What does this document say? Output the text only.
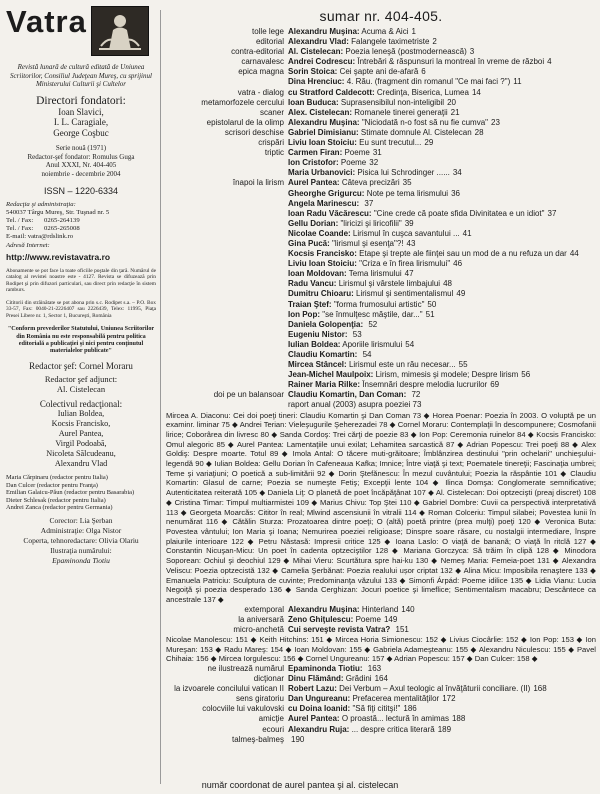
Vatra
Revistă lunară de cultură editată de Uniunea Scriitorilor, Consiliul Judeţean Mureş, cu sprijinul Ministerului Culturii şi Cultelor
Directori fondatori:
Ioan Slavici,
I. L. Caragiale,
George Coşbuc
Serie nouă (1971)
Redactor-şef fondator: Romulus Guga
Anul XXXI, Nr. 404-405
noiembrie - decembrie 2004
ISSN – 1220-6334
Redacţia şi administraţia:
540037 Târgu Mureş, Str. Tuşnad nr. 5
Tel. / Fax:	0265-264139
Tel. / Fax:	0265-265008
E-mail: vatra@rdslink.ro
Adresă Internet:
http://www.revistavatra.ro
Abonamente se pot face la toate oficiile poştale din ţară. Numărul de catalog al revistei noastre este - 4127. Revista se difuzează prin Rodipet şi prin difuzori particulari, sau direct prin redacţie în sistem ramburs.
Cititorii din străinătate se pot abona prin s.c. Rodipet s.a. – P.O. Box 33-57, Fax: 0040-21-2226407 sau 2226439, Telex: 11995, Piaţa Presei Libere nr. 1, Sector 1, Bucureşti, România
"Conform prevederilor Statutului, Uniunea Scriitorilor din România nu este responsabilă pentru politica editorială a publicaţiei şi nici pentru conţinutul materialelor publicate"
Redactor şef: Cornel Moraru
Redactor şef adjunct:
Al. Cistelecan
Colectivul redacţional:
Iulian Boldea,
Kocsis Francisko,
Aurel Pantea,
Virgil Podoabă,
Nicoleta Sălcudeanu,
Alexandru Vlad
Maria Cărpinaru (redactor pentru Italia)
Dan Culcer (redactor pentru Franţa)
Emilian Galaicu-Păun (redactor pentru Basarabia)
Dieter Schlesak (redactor pentru Italia)
Andrei Zanca (redactor pentru Germania)
Corector: Lia Şerban
Administraţie: Olga Nistor
Coperta, tehnoredactare: Olivia Olariu
Ilustraţia numărului:
Epaminonda Tiotiu
sumar nr. 404-405.
tolle lege Alexandru Muşina: Acuma & Aici 1
editorial Alexandru Vlad: Falangele taximetriste 2
contra-editorial Al. Cistelecan: Poezia leneşă (postmodernească) 3
carnavalesc Andrei Codrescu: Întrebări & răspunsuri la montreal în vreme de război 4
epica magna Sorin Stoica: Cei şapte ani de-afară 6
Dina Hrenciuc: 4. Rău. (fragment din romanul "Ce mai faci ?") 11
vatra - dialog cu Stratford Caldecott: Credinţa, Biserica, Lumea 14
metamorfozele cercului Ioan Buduca: Suprasensibilul non-inteligibil 20
scaner Alex. Cistelecan: Romanele tinerei generaţii 21
epistolarul de la olimp Alexandru Muşina: "Niciodată n-o fost să nu fie cumva" 23
scrisori deschise Gabriel Dimisianu: Stimate domnule Al. Cistelecan 28
crispări Liviu Ioan Stoiciu: Eu sunt trecutul... 29
triptic Carmen Firan: Poeme 31
Ion Cristofor: Poeme 32
Maria Urbanovici: Pisica lui Schrodinger ...... 34
înapoi la lirism Aurel Pantea: Câteva precizări 35
Gheorghe Grigurcu: Note pe tema lirismului 36
Angela Marinescu: 37
Ioan Radu Văcărescu: "Cine crede că poate sfida Divinitatea e un idiot" 37
Gellu Dorian: "liricizi şi liricofilii" 39
Nicolae Coande: Lirismul în cuşca savantului ... 41
Gina Pucă: "lirismul şi esenţa"?! 43
Kocsis Francisko: Etape şi trepte ale fiinţei sau un mod de a nu refuza un dar 44
Liviu Ioan Stoiciu: "Criza e în firea lirismului" 46
Ioan Moldovan: Tema lirismului 47
Radu Vancu: Lirismul şi vârstele limbajului 48
Dumitru Chioaru: Lirismul şi sentimentalismul 49
Traian Ştef: "forma frumosului artistic" 50
Ion Pop: "se înmulţesc măştile, dar..." 51
Daniela Golopenţia: 52
Eugeniu Nistor: 53
Iulian Boldea: Aporiile lirismului 54
Claudiu Komartin: 54
Mircea Stâncel: Lirismul este un rău necesar... 55
Jean-Michel Maulpoix: Lirism, mimesis şi modele; Despre lirism 56
Rainer Maria Rilke: Însemnări despre melodia lucrurilor 69
doi pe un balansoar Claudiu Komartin, Dan Coman: 72
raport anual (2003) asupra poeziei 73

Mircea A. Diaconu: Cei doi poeţi tineri: Claudiu Komartin şi Dan Coman 73 ◆ Horea Poenar: Poezia în 2003. O voluptă pe un examinr. liminar 75 ◆ Andrei Terian: Vieleşugurile Şeherezadei 78 ◆ Cornel Moraru: Contemplaţii în descompunere; Cosmofanii lirice; Coborârea din livresc 80 ◆ Sanda Cordoş: Trei cărţi de poezie 83 ◆ Ion Pop: Ceremonia ruinelor 84 ◆ Kocsis Francisko: Omul alegoric 85 ◆ Aurel Pantea: Lamentaţiile unui exilat; Lehamitea sarcastică 87 ◆ Adrian Popescu: Trei poeţi 88 ◆ Alex Goldiş: Despre moarte. Totul 89 ◆ Imola Antal: O tăcere muti-grăitoare; Îmblânzirea destinului "prin ochelarii" unchieşului-legendă 90 ◆ Iulian Boldea: Gellu Dorian în Cafeneaua Kafka; Imnice; Între viaţă şi text; Poematele tinereţii; Fascinaţia umbrei; Teme şi variaţiuni; O poetică a sub-limitării 92 ◆ Dorin Ştefănescu: În mezul cuvântului; Poezia la răspântie 101 ◆ Claudiu Komartin: Glasul de carne; Poezia se numeşte Fetiş; Excepţii lente 104 ◆ Ilinca Domşa: Conglomerate semnificative; Autenticitatea reiterată 105 ◆ Daniela Liţ: O planetă de poet încăpăţânat 107 ◆ Al. Cistelecan: Doi optzecişti (preaj discret) 108 ◆ Cristina Timar: Timpul multiarmistei 109 ◆ Marius Chivu: Top Ştei 110 ◆ Gabriel Dombre: Cuvii ca perspectivă interpretativă 113 ◆ Georgeta Moarcăs: Cititor în real; Mlwind ascensiunii în vitralii 114 ◆ Roman Colceriu: Timpul silabei; Povestea lunii în nenumărat 116 ◆ Cătălin Sturza: Prozatoarea dintre poeţi; O (altă) poetă printre (prea mulţi) poeţi 120 ◆ Veronica Buta: Povestea vântului; Ion Maria şi Ioana; Nemurirea poeziei religioase; Dinspre soare răsare, cu nostalgii intermediare, înspre plaiurile interioare 122 ◆ Petru Năstasă: Impresii critice 125 ◆ Ioana Laslo: O viaţă de banană; O viaţă în ritclă 127 ◆ Constantin Nicuşan-Micu: Un poet în cadenta optzeciştilor 128 ◆ Mariana Gorczyca: Să trăim în clipă 128 ◆ Minodora Soporean: Ochiul şi deochiul 129 ◆ Mihai Vieru: Scurtătura spre hai-ku 130 ◆ Nemeş Maria: Femeia-poet 131 ◆ Alexandra Veliscu: Poezia optzecistă 132 ◆ Camelia Şerbănat: Poezia realului ușor criptat 132 ◆ Alina Micu: Imposibila renaştere 133 ◆ Emanuela Patriciu: Sculptura de cuvinte; Predominanţa văzului 133 ◆ Simonfi Árpád: Poeme idilice 135 ◆ Lidia Vianu: Lucia Negoiţă şi poezia desperado 136 ◆ Sanda Cerghizan: Jocuri poetice şi limeflice; Sentimentalism macabru; Descântece ca ancestrale 137 ◆

extemporal Alexandru Muşina: Hinterland 140
la aniversară Zeno Ghiţulescu: Poeme 149
micro-anchetă Cui serveşte revista Vatra? 151

Nicolae Manolescu: 151 ◆ Keith Hitchins: 151 ◆ Mircea Horia Simionescu: 152 ◆ Livius Ciocârlie: 152 ◆ Ion Pop: 153 ◆ Ion Mureşan: 153 ◆ Radu Mareş: 154 ◆ Ioan Moldovan: 155 ◆ Gabriela Adameşteanu: 155 ◆ Alexandru Niculescu: 155 ◆ Pavel Chihaia: 156 ◆ Mircea Iorgulescu: 156 ◆ Cornel Ungureanu: 157 ◆ Adrian Popescu: 157 ◆ Dan Culcer: 158 ◆

ne ilustrează numărul Epaminonda Tiotiu: 163
dicţionar Dinu Flămând: Grădini 164
la izvoarele concilului vatican II Robert Lazu: Dei Verbum – Axul teologic al învăţăturii conciliare. (II) 168
sens giratoriu Dan Ungureanu: Prefacerea mentalităţilor 172
colocviile lui vakulovski cu Doina Ioanid: "Să fiţi cititşi!" 186
amicţie Aurel Pantea: O proastă... lectură în amimas 188
ecouri Alexandru Ruja: ... despre critica literară 189
talmeş-balmeş 190
număr coordonat de aurel pantea şi al. cistelecan
